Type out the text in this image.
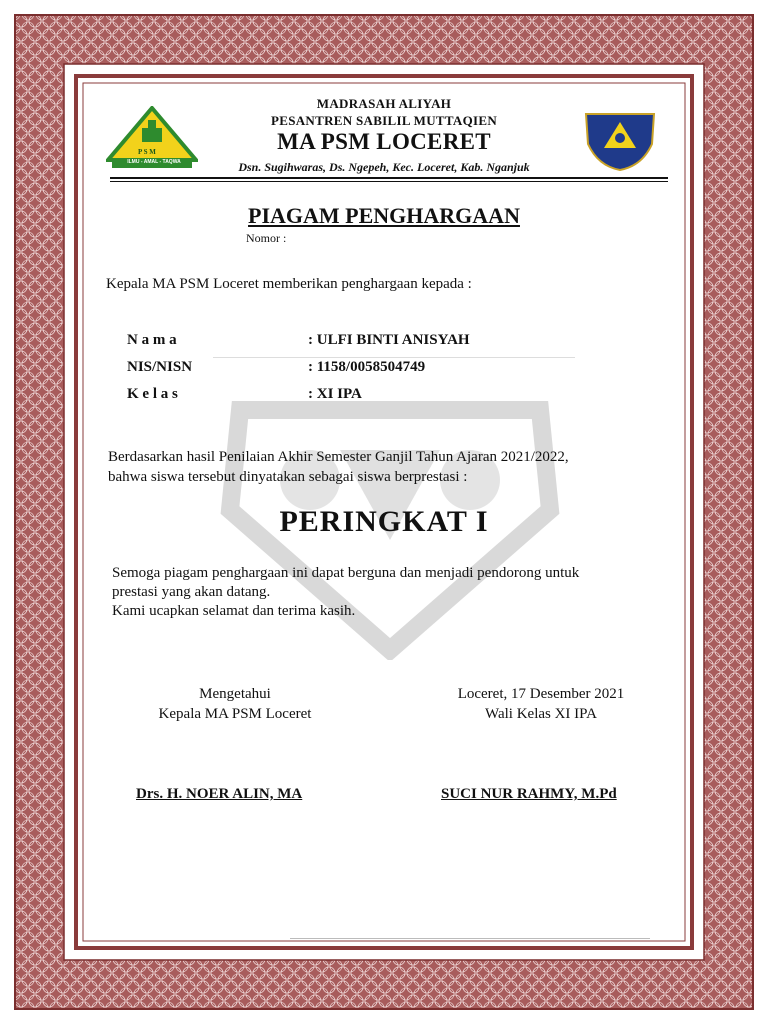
P S M
ILMU - AMAL - TAQWA
MADRASAH ALIYAH
PESANTREN SABILIL MUTTAQIEN
MA PSM LOCERET
Dsn. Sugihwaras, Ds. Ngepeh, Kec. Loceret, Kab. Nganjuk
PIAGAM PENGHARGAAN
Nomor :
Kepala MA PSM Loceret memberikan penghargaan kepada :
N a m a	: ULFI BINTI ANISYAH
NIS/NISN	: 1158/0058504749
K e l a s	: XI IPA
Berdasarkan hasil Penilaian Akhir Semester Ganjil Tahun Ajaran 2021/2022,
bahwa siswa tersebut dinyatakan sebagai siswa berprestasi :
PERINGKAT I
Semoga piagam penghargaan ini dapat berguna dan menjadi pendorong untuk
prestasi yang akan datang.
Kami ucapkan selamat dan terima kasih.
Mengetahui
Kepala MA PSM Loceret
Loceret, 17 Desember 2021
Wali Kelas XI IPA
Drs. H. NOER ALIN, MA	SUCI NUR RAHMY, M.Pd
